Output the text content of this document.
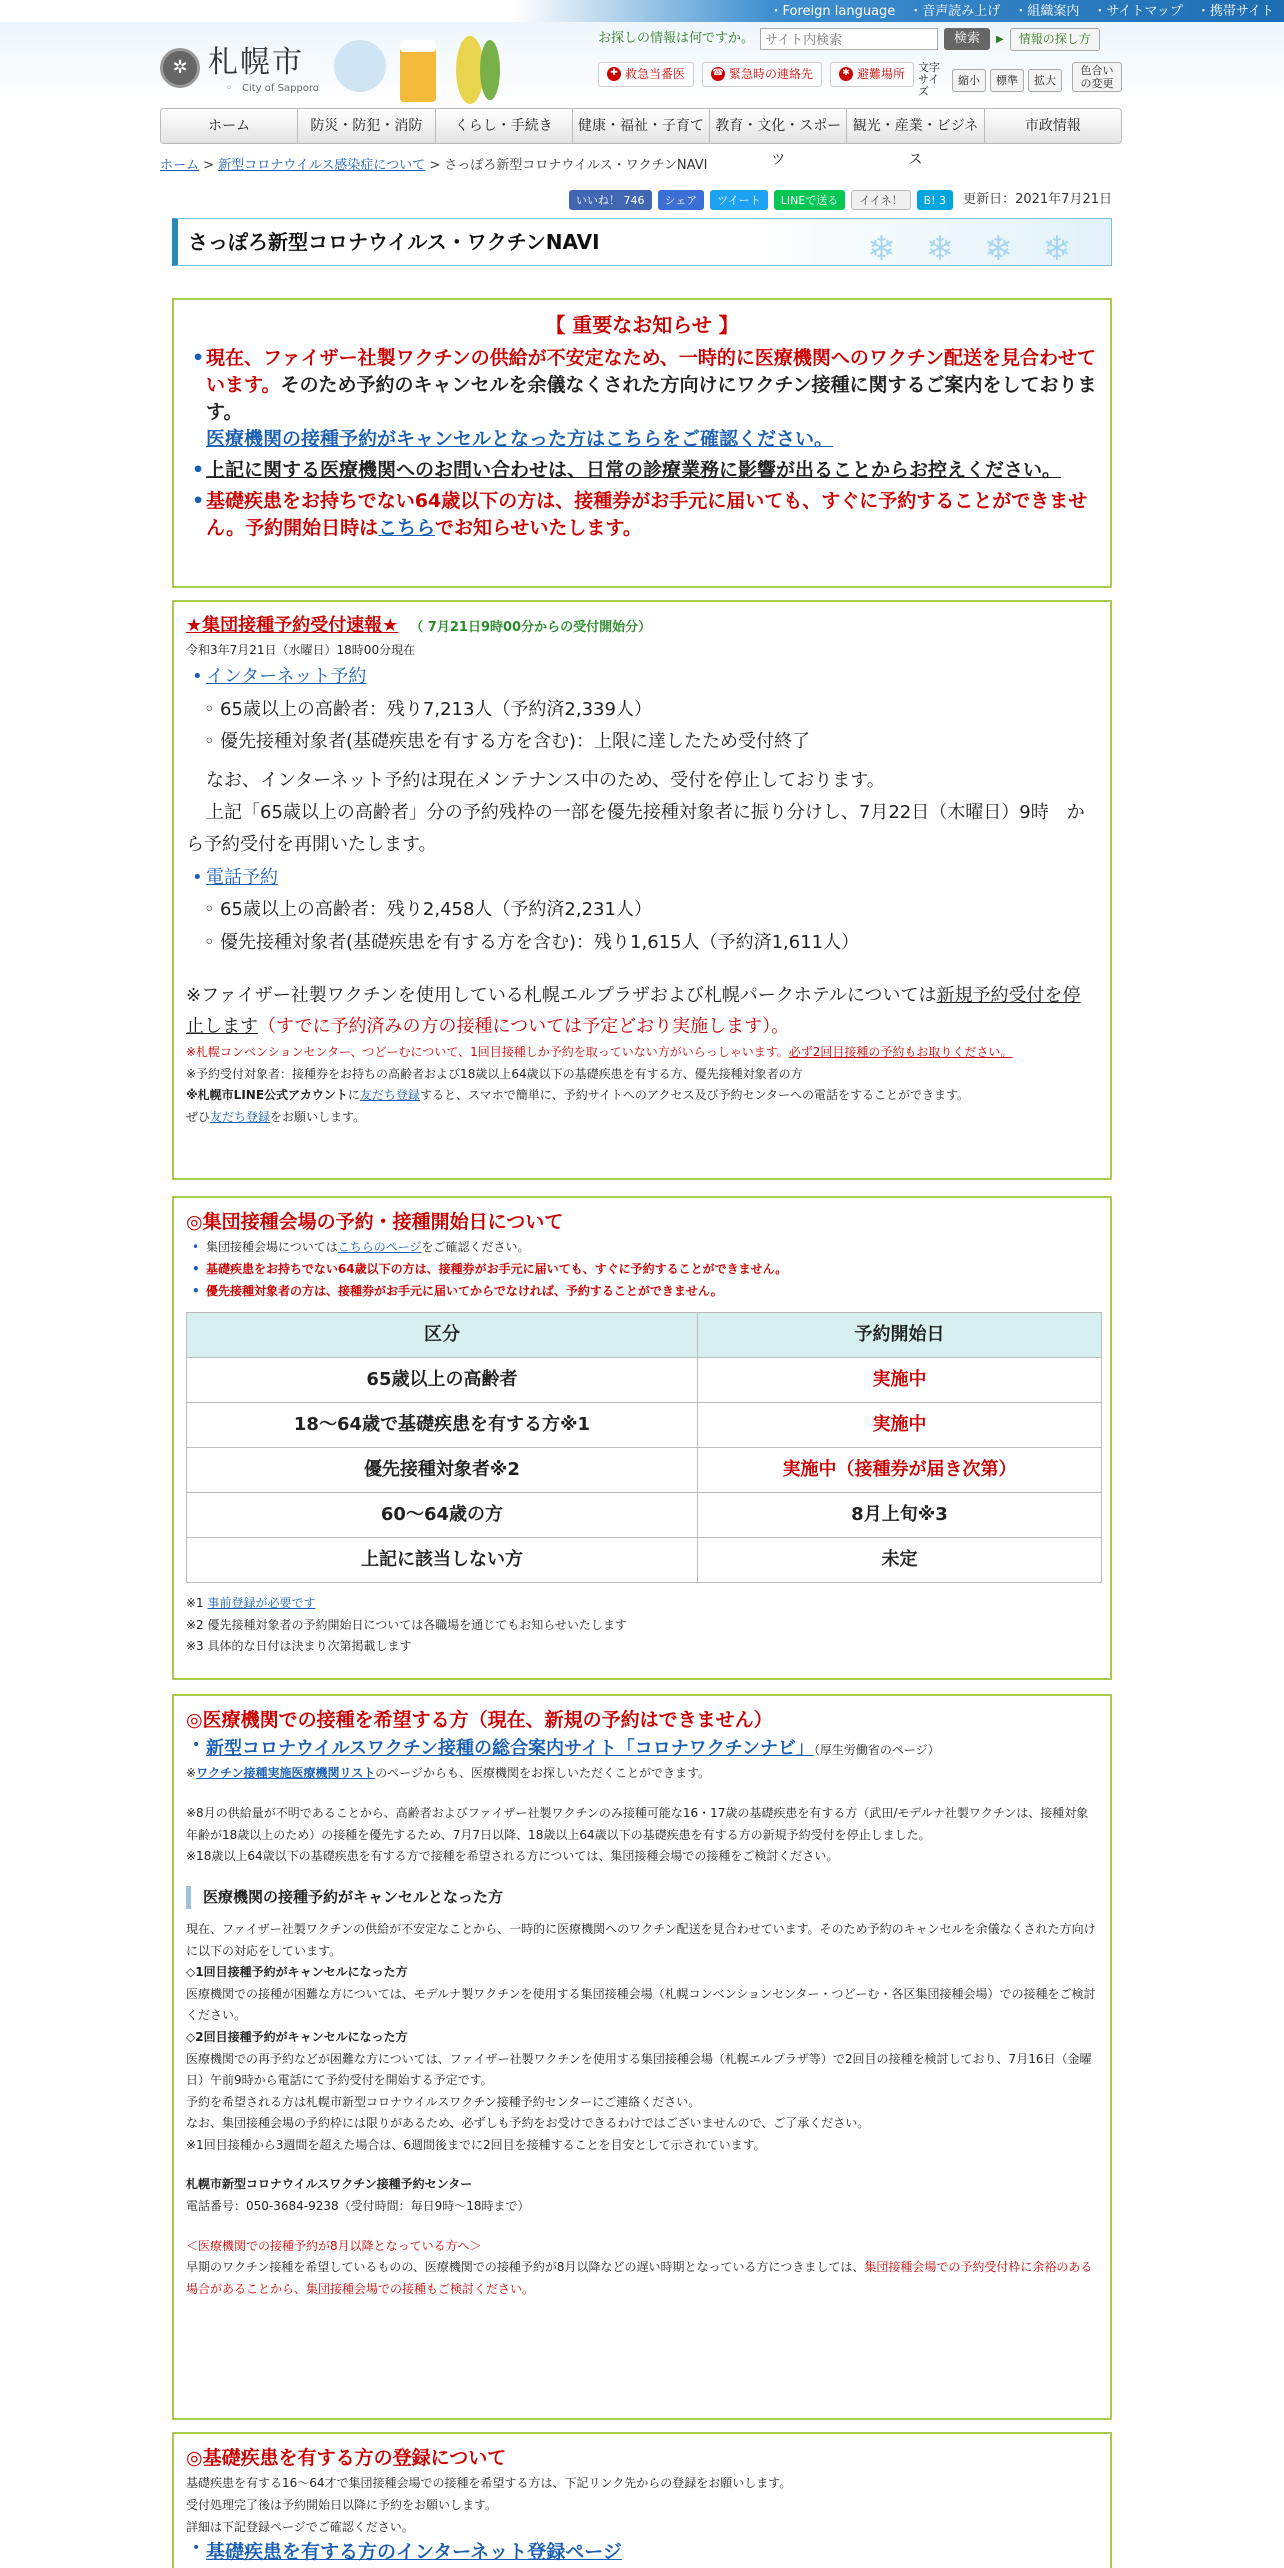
・Foreign language ・音声読み上げ ・組織案内 ・サイトマップ ・携帯サイト
✲ 札幌市
◦ City of Sapporo
お探しの情報は何ですか。
サイト内検索	検索	▶	情報の探し方
✚ 救急当番医	☎ 緊急時の連絡先	✱ 避難場所 文字サイズ
縮小	標準	拡大
色合いの変更
ホーム	防災・防犯・消防	くらし・手続き	健康・福祉・子育て 教育・文化・スポーツ
観光・産業・ビジネス
市政情報
ホーム > 新型コロナウイルス感染症について > さっぽろ新型コロナウイルス・ワクチンNAVI
いいね！ 746	シェア	ツイート	LINEで送る	イイネ！	B! 3	更新日：2021年7月21日
さっぽろ新型コロナウイルス・ワクチンNAVI	❄❄❄❄
【 重要なお知らせ 】
• 現在、ファイザー社製ワクチンの供給が不安定なため、一時的に医療機関へのワクチン配送を見合わせています。そのため予約のキャンセルを余儀なくされた方向けにワクチン接種に関するご案内をしております。
医療機関の接種予約がキャンセルとなった方はこちらをご確認ください。
• 上記に関する医療機関へのお問い合わせは、日常の診療業務に影響が出ることからお控えください。
• 基礎疾患をお持ちでない64歳以下の方は、接種券がお手元に届いても、すぐに予約することができません。予約開始日時はこちらでお知らせいたします。
★集団接種予約受付速報★ （ 7月21日9時00分からの受付開始分）
令和3年7月21日（水曜日）18時00分現在
• インターネット予約
◦ 65歳以上の高齢者：残り7,213人（予約済2,339人）
◦ 優先接種対象者(基礎疾患を有する方を含む)：上限に達したため受付終了
なお、インターネット予約は現在メンテナンス中のため、受付を停止しております。
上記「65歳以上の高齢者」分の予約残枠の一部を優先接種対象者に振り分けし、7月22日（木曜日）9時　から予約受付を再開いたします。
• 電話予約
◦ 65歳以上の高齢者：残り2,458人（予約済2,231人）
◦ 優先接種対象者(基礎疾患を有する方を含む)：残り1,615人（予約済1,611人）
※ファイザー社製ワクチンを使用している札幌エルプラザおよび札幌パークホテルについては新規予約受付を停止します（すでに予約済みの方の接種については予定どおり実施します）。
※札幌コンベンションセンター、つどーむについて、1回目接種しか予約を取っていない方がいらっしゃいます。必ず2回目接種の予約もお取りください。
※予約受付対象者：接種券をお持ちの高齢者および18歳以上64歳以下の基礎疾患を有する方、優先接種対象者の方
※札幌市LINE公式アカウントに友だち登録すると、スマホで簡単に、予約サイトへのアクセス及び予約センターへの電話をすることができます。
ぜひ友だち登録をお願いします。
◎集団接種会場の予約・接種開始日について
• 集団接種会場についてはこちらのページをご確認ください。
• 基礎疾患をお持ちでない64歳以下の方は、接種券がお手元に届いても、すぐに予約することができません。
• 優先接種対象者の方は、接種券がお手元に届いてからでなければ、予約することができません。
区分	予約開始日
65歳以上の高齢者	実施中
18～64歳で基礎疾患を有する方※1	実施中
優先接種対象者※2	実施中（接種券が届き次第）
60～64歳の方	8月上旬※3
上記に該当しない方	未定
※1 事前登録が必要です
※2 優先接種対象者の予約開始日については各職場を通じてもお知らせいたします
※3 具体的な日付は決まり次第掲載します
◎医療機関での接種を希望する方（現在、新規の予約はできません）
• 新型コロナウイルスワクチン接種の総合案内サイト「コロナワクチンナビ」（厚生労働省のページ）
※ワクチン接種実施医療機関リストのページからも、医療機関をお探しいただくことができます。
※8月の供給量が不明であることから、高齢者およびファイザー社製ワクチンのみ接種可能な16・17歳の基礎疾患を有する方（武田/モデルナ社製ワクチンは、接種対象年齢が18歳以上のため）の接種を優先するため、7月7日以降、18歳以上64歳以下の基礎疾患を有する方の新規予約受付を停止しました。
※18歳以上64歳以下の基礎疾患を有する方で接種を希望される方については、集団接種会場での接種をご検討ください。
医療機関の接種予約がキャンセルとなった方
現在、ファイザー社製ワクチンの供給が不安定なことから、一時的に医療機関へのワクチン配送を見合わせています。そのため予約のキャンセルを余儀なくされた方向けに以下の対応をしています。
◇1回目接種予約がキャンセルになった方
医療機関での接種が困難な方については、モデルナ製ワクチンを使用する集団接種会場（札幌コンベンションセンター・つどーむ・各区集団接種会場）での接種をご検討ください。
◇2回目接種予約がキャンセルになった方
医療機関での再予約などが困難な方については、ファイザー社製ワクチンを使用する集団接種会場（札幌エルプラザ等）で2回目の接種を検討しており、7月16日（金曜日）午前9時から電話にて予約受付を開始する予定です。
予約を希望される方は札幌市新型コロナウイルスワクチン接種予約センターにご連絡ください。
なお、集団接種会場の予約枠には限りがあるため、必ずしも予約をお受けできるわけではございませんので、ご了承ください。
※1回目接種から3週間を超えた場合は、6週間後までに2回目を接種することを目安として示されています。
札幌市新型コロナウイルスワクチン接種予約センター
電話番号：050-3684-9238（受付時間：毎日9時～18時まで）
＜医療機関での接種予約が8月以降となっている方へ＞
早期のワクチン接種を希望しているものの、医療機関での接種予約が8月以降などの遅い時期となっている方につきましては、集団接種会場での予約受付枠に余裕のある場合があることから、集団接種会場での接種もご検討ください。
◎基礎疾患を有する方の登録について
基礎疾患を有する16～64才で集団接種会場での接種を希望する方は、下記リンク先からの登録をお願いします。
受付処理完了後は予約開始日以降に予約をお願いします。
詳細は下記登録ページでご確認ください。
• 基礎疾患を有する方のインターネット登録ページ
